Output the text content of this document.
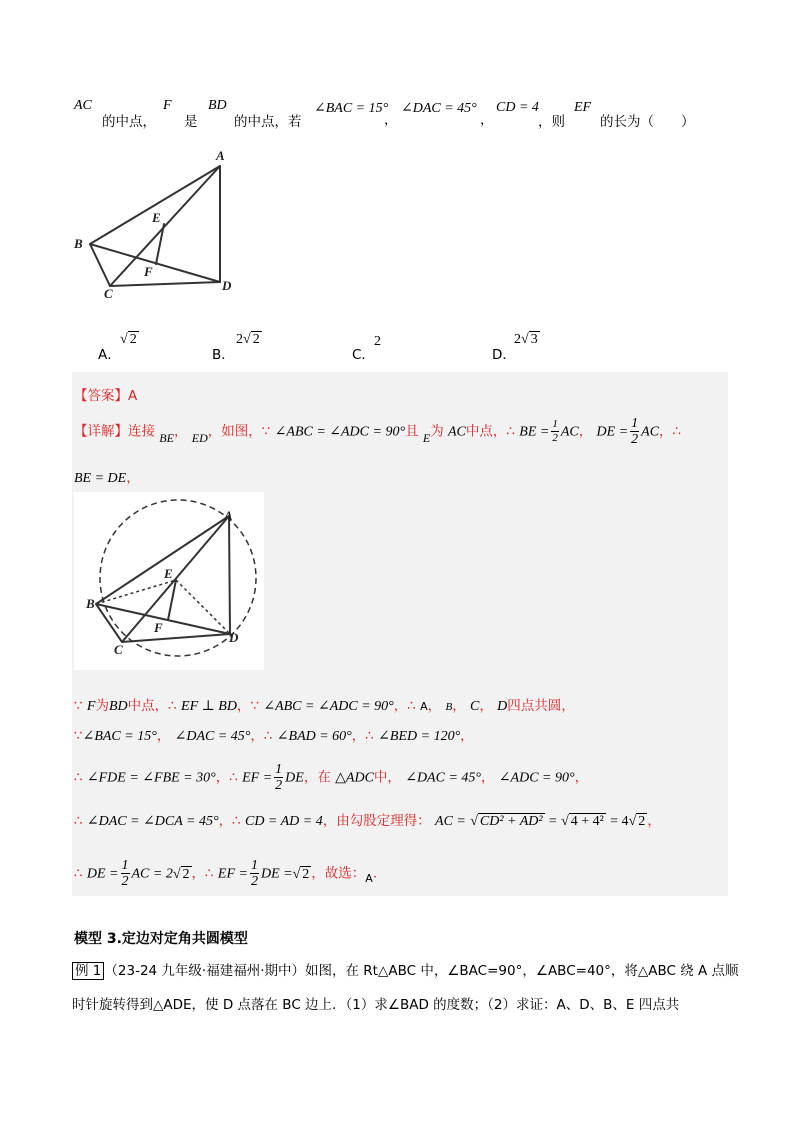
AC
的中点，
F
是
BD
的中点，若
∠BAC = 15°
，
∠DAC = 45°
，
CD = 4
，则
EF
的长为（　　）
A
B
C
D
E
F
A．
√ 2
B．
2√ 2
C．
2
D．
2√ 3
【答案】A
【详解】连接 BE， ED，如图，∵ ∠ABC = ∠ADC = 90°且 E为 AC中点，∴ BE = $\frac{1}{2}$ AC， DE = $\frac{1}{2}$ AC，∴
BE = DE，
A
B
C
D
E
F
∵ F为BD中点，∴ EF ⊥ BD，∵ ∠ABC = ∠ADC = 90°，∴ A， B， C， D四点共圆，
∵∠BAC = 15°， ∠DAC = 45°，∴ ∠BAD = 60°，∴ ∠BED = 120°，
∴ ∠FDE = ∠FBE = 30°，∴ EF = $\frac{1}{2}$ DE，在 △ADC中， ∠DAC = 45°， ∠ADC = 90°，
∴ ∠DAC = ∠DCA = 45°，∴ CD = AD = 4，由勾股定理得： AC = √ CD² + AD² = √ 4 + 4² = 4√ 2 ，
∴ DE = $\frac{1}{2}$ AC = 2√ 2 ，∴ EF = $\frac{1}{2}$ DE =√ 2 ，故选：$_A$．
模型 3.定边对定角共圆模型
例 1 （23-24 九年级·福建福州·期中）如图，在 Rt△ABC 中，∠BAC=90°，∠ABC=40°，将△ABC 绕 A 点顺
时针旋转得到△ADE，使 D 点落在 BC 边上．（1）求∠BAD 的度数；（2）求证：A、D、B、E 四点共
